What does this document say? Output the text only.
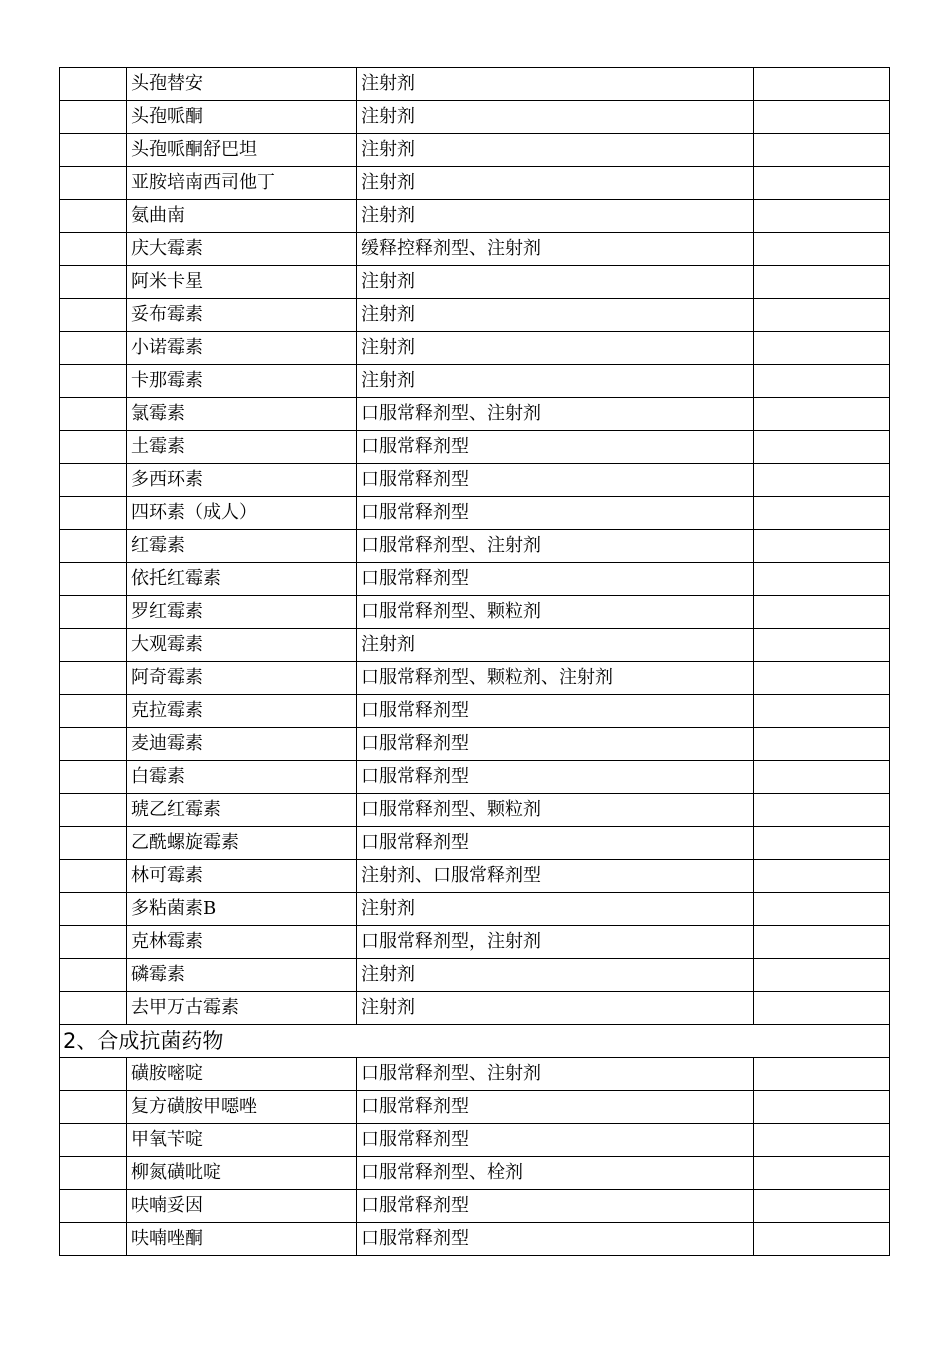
	头孢替安	注射剂	
	头孢哌酮	注射剂	
	头孢哌酮舒巴坦	注射剂	
	亚胺培南西司他丁	注射剂	
	氨曲南	注射剂	
	庆大霉素	缓释控释剂型、注射剂	
	阿米卡星	注射剂	
	妥布霉素	注射剂	
	小诺霉素	注射剂	
	卡那霉素	注射剂	
	氯霉素	口服常释剂型、注射剂	
	土霉素	口服常释剂型	
	多西环素	口服常释剂型	
	四环素（成人）	口服常释剂型	
	红霉素	口服常释剂型、注射剂	
	依托红霉素	口服常释剂型	
	罗红霉素	口服常释剂型、颗粒剂	
	大观霉素	注射剂	
	阿奇霉素	口服常释剂型、颗粒剂、注射剂	
	克拉霉素	口服常释剂型	
	麦迪霉素	口服常释剂型	
	白霉素	口服常释剂型	
	琥乙红霉素	口服常释剂型、颗粒剂	
	乙酰螺旋霉素	口服常释剂型	
	林可霉素	注射剂、口服常释剂型	
	多粘菌素B	注射剂	
	克林霉素	口服常释剂型，注射剂	
	磷霉素	注射剂	
	去甲万古霉素	注射剂	
2、合成抗菌药物			
	磺胺嘧啶	口服常释剂型、注射剂	
	复方磺胺甲噁唑	口服常释剂型	
	甲氧苄啶	口服常释剂型	
	柳氮磺吡啶	口服常释剂型、栓剂	
	呋喃妥因	口服常释剂型	
	呋喃唑酮	口服常释剂型	
